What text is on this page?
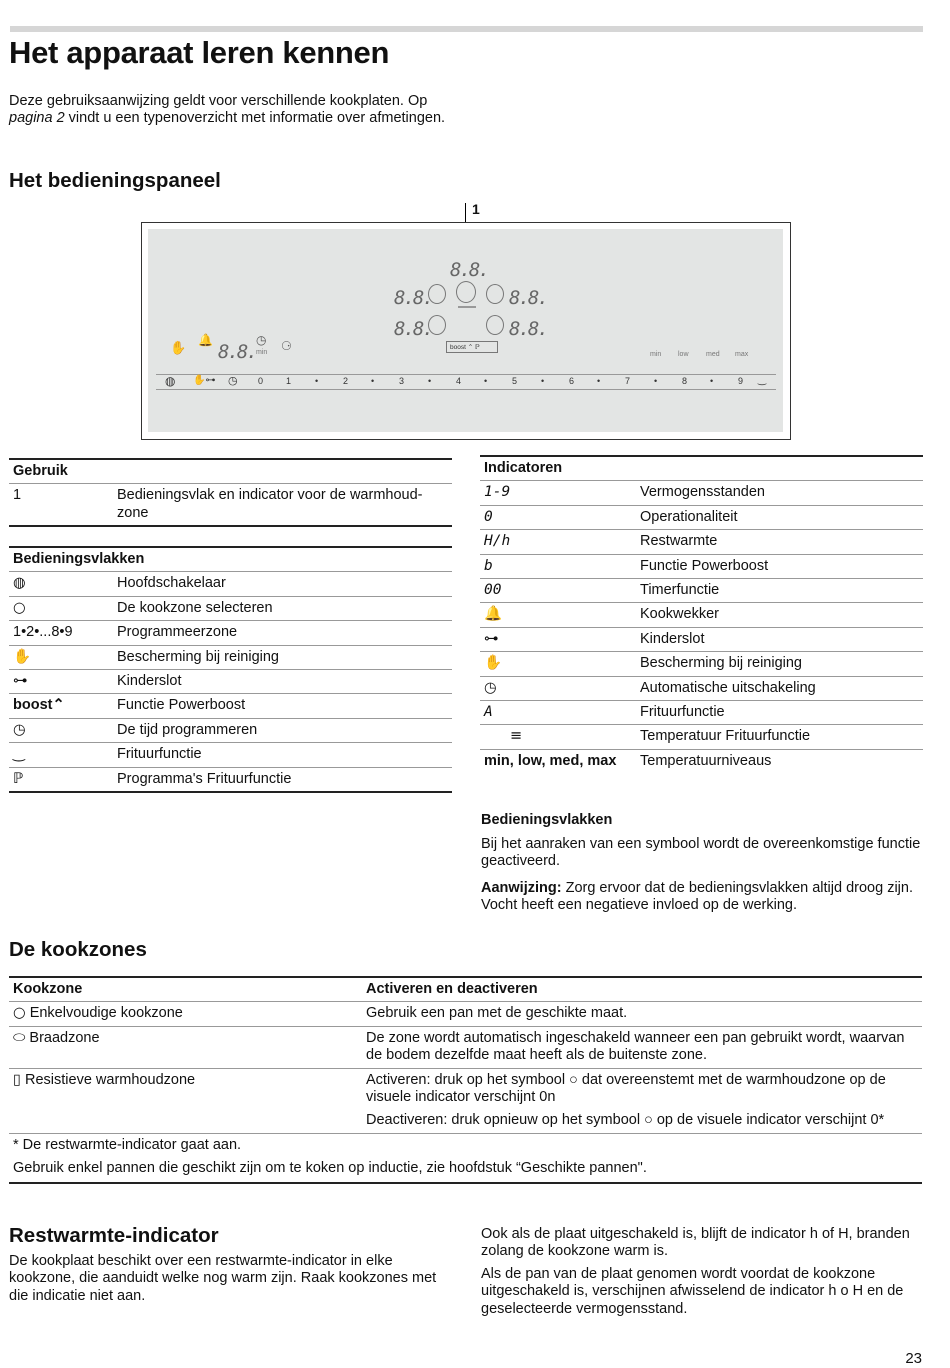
Het apparaat leren kennen

Deze gebruiksaanwijzing geldt voor verschillende kookplaten. Op pagina 2 vindt u een typenoverzicht met informatie over afmetingen.

Het bedieningspaneel
1
8.8.
8.8.	8.8.
8.8.	8.8.
8.8.
✋
🔔	◷
min ⚆	boost ⌃ ℙ
min low med max
◍ ✋⊶ ◷ 0	1	•	2	•	3	•	4	•	5	•	6	•	7	•	8	•	9 ‿
Gebruik
1	Bedieningsvlak en indicator voor de warmhoud-zone
Bedieningsvlakken	
◍	Hoofdschakelaar
○	De kookzone selecteren
1•2•...8•9	Programmeerzone
✋	Bescherming bij reiniging
⊶	Kinderslot
boost⌃	Functie Powerboost
◷	De tijd programmeren
‿	Frituurfunctie
ℙ	Programma's Frituurfunctie
Indicatoren	
1-9	Vermogensstanden
0	Operationaliteit
H/h	Restwarmte
b	Functie Powerboost
00	Timerfunctie
🔔	Kookwekker
⊶	Kinderslot
✋	Bescherming bij reiniging
◷	Automatische uitschakeling
A	Frituurfunctie
≡	Temperatuur Frituurfunctie
min, low, med, max	Temperatuurniveaus
Bedieningsvlakken

Bij het aanraken van een symbool wordt de overeenkomstige functie geactiveerd.

Aanwijzing: Zorg ervoor dat de bedieningsvlakken altijd droog zijn. Vocht heeft een negatieve invloed op de werking.

De kookzones
Kookzone	Activeren en deactiveren
○ Enkelvoudige kookzone	Gebruik een pan met de geschikte maat.
⬭ Braadzone	De zone wordt automatisch ingeschakeld wanneer een pan gebruikt wordt, waarvan de bodem dezelfde maat heeft als de buitenste zone.
▯ Resistieve warmhoudzone	Activeren: druk op het symbool ○ dat overeenstemt met de warmhoudzone op de visuele indicator verschijnt 0n
Deactiveren: druk opnieuw op het symbool ○ op de visuele indicator verschijnt 0*

* De restwarmte-indicator gaat aan.	
Gebruik enkel pannen die geschikt zijn om te koken op inductie, zie hoofdstuk “Geschikte pannen".	
Restwarmte-indicator

De kookplaat beschikt over een restwarmte-indicator in elke kookzone, die aanduidt welke nog warm zijn. Raak kookzones met die indicatie niet aan.

Ook als de plaat uitgeschakeld is, blijft de indicator h of H, branden zolang de kookzone warm is.

Als de pan van de plaat genomen wordt voordat de kookzone uitgeschakeld is, verschijnen afwisselend de indicator h o H en de geselecteerde vermogensstand.

23
